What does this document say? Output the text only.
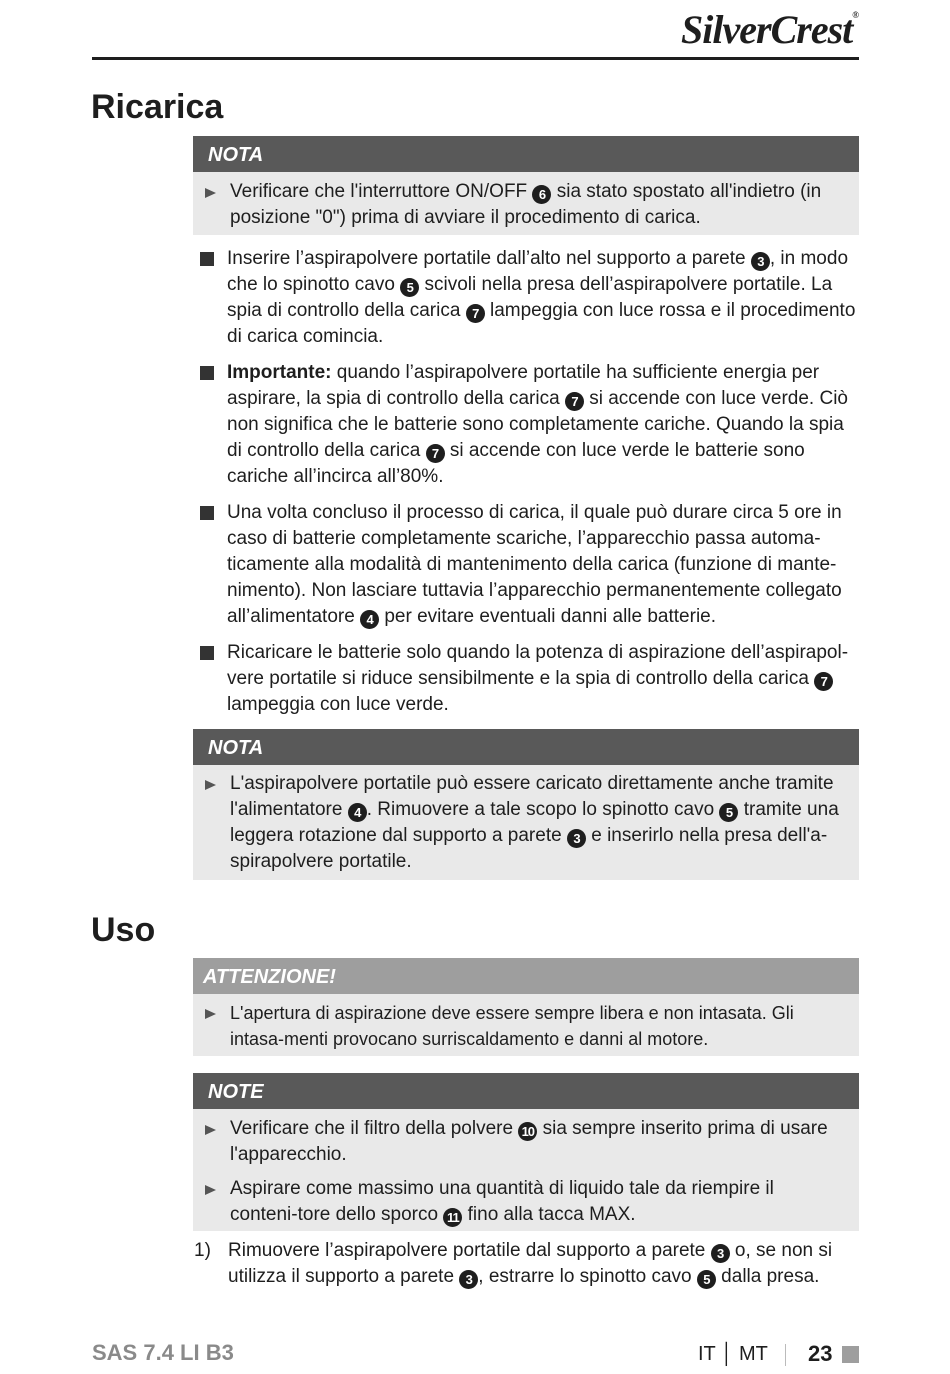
SilverCrest®
Ricarica
NOTA
Verificare che l'interruttore ON/OFF 6 sia stato spostato all'indietro (in posizione "0") prima di avviare il procedimento di carica.
Inserire l’aspirapolvere portatile dall’alto nel supporto a parete 3 , in modo che lo spinotto cavo 5 scivoli nella presa dell’aspirapolvere portatile. La spia di controllo della carica 7 lampeggia con luce rossa e il procedimento di carica comincia.
Importante: quando l’aspirapolvere portatile ha sufficiente energia per aspirare, la spia di controllo della carica 7 si accende con luce verde. Ciò non significa che le batterie sono completamente cariche. Quando la spia di controllo della carica 7 si accende con luce verde le batterie sono cariche all’incirca all’80%.
Una volta concluso il processo di carica, il quale può durare circa 5 ore in caso di batterie completamente scariche, l’apparecchio passa automa-ticamente alla modalità di mantenimento della carica (funzione di mante-nimento). Non lasciare tuttavia l’apparecchio permanentemente collegato all’alimentatore 4 per evitare eventuali danni alle batterie.
Ricaricare le batterie solo quando la potenza di aspirazione dell’aspirapol-vere portatile si riduce sensibilmente e la spia di controllo della carica 7 lampeggia con luce verde.
NOTA
L'aspirapolvere portatile può essere caricato direttamente anche tramite l'alimentatore 4 . Rimuovere a tale scopo lo spinotto cavo 5 tramite una leggera rotazione dal supporto a parete 3 e inserirlo nella presa dell'a-spirapolvere portatile.
Uso
ATTENZIONE!
L'apertura di aspirazione deve essere sempre libera e non intasata. Gli intasa-menti provocano surriscaldamento e danni al motore.
NOTE
Verificare che il filtro della polvere 10 sia sempre inserito prima di usare l'apparecchio.
Aspirare come massimo una quantità di liquido tale da riempire il conteni-tore dello sporco 11 fino alla tacca MAX.
1) Rimuovere l’aspirapolvere portatile dal supporto a parete 3 o, se non si utilizza il supporto a parete 3 , estrarre lo spinotto cavo 5 dalla presa.
SAS 7.4 LI B3	IT │ MT 23
